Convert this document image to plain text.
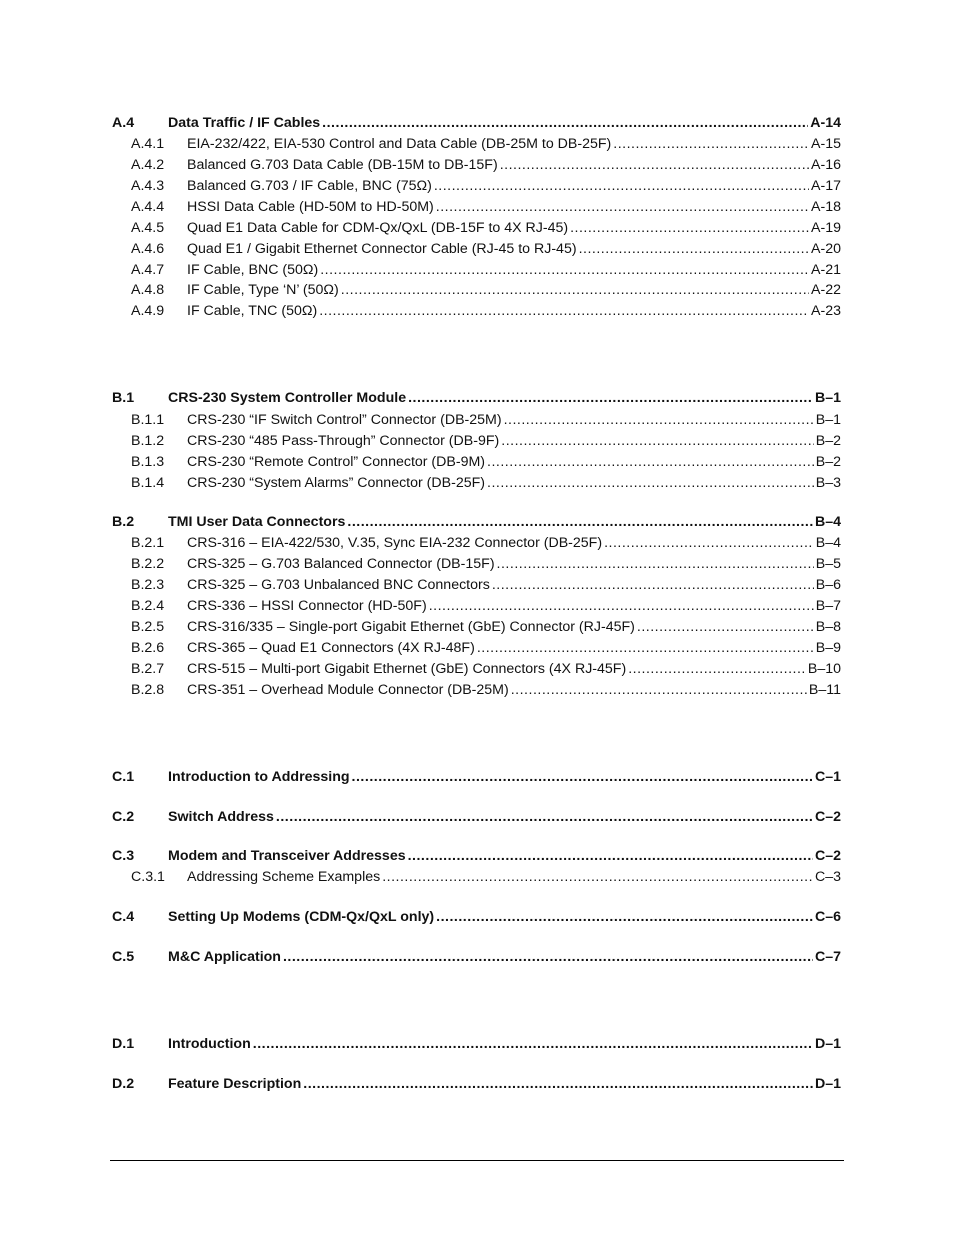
A.4	Data Traffic / IF Cables .....	A-14
A.4.1	EIA-232/422, EIA-530 Control and Data Cable (DB-25M to DB-25F) .....	A-15
A.4.2	Balanced G.703 Data Cable (DB-15M to DB-15F) .....	A-16
A.4.3	Balanced G.703 / IF Cable, BNC (75Ω) .....	A-17
A.4.4	HSSI Data Cable (HD-50M to HD-50M) .....	A-18
A.4.5	Quad E1 Data Cable for CDM-Qx/QxL (DB-15F to 4X RJ-45) .....	A-19
A.4.6	Quad E1 / Gigabit Ethernet Connector Cable (RJ-45 to RJ-45) .....	A-20
A.4.7	IF Cable, BNC (50Ω) .....	A-21
A.4.8	IF Cable, Type ‘N’ (50Ω) .....	A-22
A.4.9	IF Cable, TNC (50Ω) .....	A-23
B.1	CRS-230 System Controller Module .....	B–1
B.1.1	CRS-230 “IF Switch Control” Connector (DB-25M) .....	B–1
B.1.2	CRS-230 “485 Pass-Through” Connector (DB-9F) .....	B–2
B.1.3	CRS-230 “Remote Control” Connector (DB-9M) .....	B–2
B.1.4	CRS-230 “System Alarms” Connector (DB-25F) .....	B–3
B.2	TMI User Data Connectors .....	B–4
B.2.1	CRS-316 – EIA-422/530, V.35, Sync EIA-232 Connector (DB-25F) .....	B–4
B.2.2	CRS-325 – G.703 Balanced Connector (DB-15F) .....	B–5
B.2.3	CRS-325 – G.703 Unbalanced BNC Connectors .....	B–6
B.2.4	CRS-336 – HSSI Connector (HD-50F) .....	B–7
B.2.5	CRS-316/335 – Single-port Gigabit Ethernet (GbE) Connector (RJ-45F) .....	B–8
B.2.6	CRS-365 – Quad E1 Connectors (4X RJ-48F) .....	B–9
B.2.7	CRS-515 – Multi-port Gigabit Ethernet (GbE) Connectors (4X RJ-45F) .....	B–10
B.2.8	CRS-351 – Overhead Module Connector (DB-25M) .....	B–11
C.1	Introduction to Addressing .....	C–1
C.2	Switch Address .....	C–2
C.3	Modem and Transceiver Addresses .....	C–2
C.3.1	Addressing Scheme Examples .....	C–3
C.4	Setting Up Modems (CDM-Qx/QxL only) .....	C–6
C.5	M&C Application .....	C–7
D.1	Introduction .....	D–1
D.2	Feature Description .....	D–1
